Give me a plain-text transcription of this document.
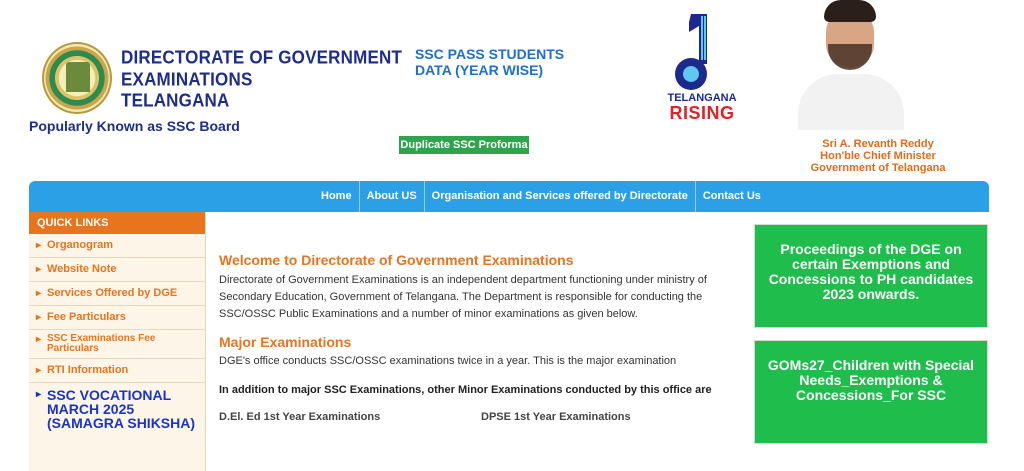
DIRECTORATE OF GOVERNMENT
EXAMINATIONS
TELANGANA
Popularly Known as SSC Board
SSC PASS STUDENTS
DATA (YEAR WISE)
Duplicate SSC Proforma
TELANGANA
RISING
Sri A. Revanth Reddy
Hon'ble Chief Minister
Government of Telangana
Home	About US	Organisation and Services offered by Directorate	Contact Us
QUICK LINKS
▸ Organogram
▸ Website Note
▸ Services Offered by DGE
▸ Fee Particulars
▸ SSC Examinations Fee Particulars
▸ RTI Information
▸ SSC VOCATIONAL MARCH 2025 (SAMAGRA SHIKSHA)
Welcome to Directorate of Government Examinations
Directorate of Government Examinations is an independent department functioning under ministry of Secondary Education, Government of Telangana. The Department is responsible for conducting the SSC/OSSC Public Examinations and a number of minor examinations as given below.
Major Examinations
DGE's office conducts SSC/OSSC examinations twice in a year. This is the major examination
In addition to major SSC Examinations, other Minor Examinations conducted by this office are
D.El. Ed 1st Year Examinations	DPSE 1st Year Examinations
Proceedings of the DGE on certain Exemptions and Concessions to PH candidates 2023 onwards.
GOMs27_Children with Special Needs_Exemptions & Concessions_For SSC
